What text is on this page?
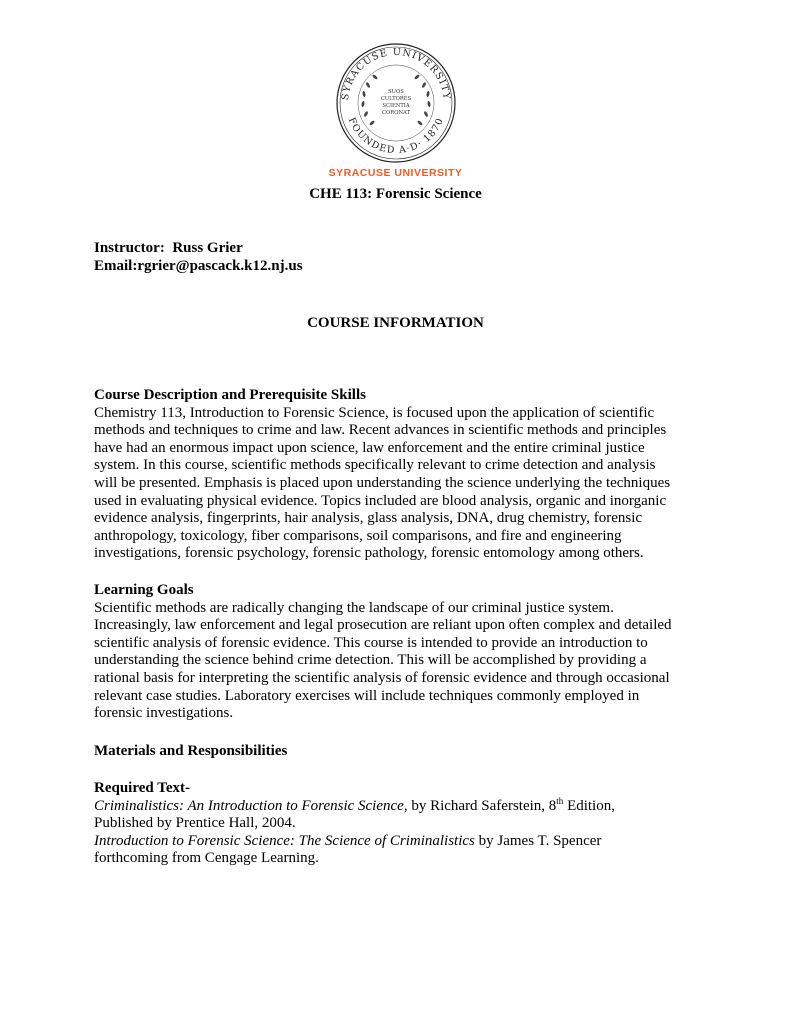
SYRACUSE UNIVERSITY
FOUNDED A·D· 1870
SUOS
CULTORES
SCIENTIA
CORONAT
SYRACUSE UNIVERSITY
CHE 113: Forensic Science
Instructor: Russ Grier
Email:rgrier@pascack.k12.nj.us
COURSE INFORMATION
Course Description and Prerequisite Skills
Chemistry 113, Introduction to Forensic Science, is focused upon the application of scientific
methods and techniques to crime and law. Recent advances in scientific methods and principles
have had an enormous impact upon science, law enforcement and the entire criminal justice
system. In this course, scientific methods specifically relevant to crime detection and analysis
will be presented. Emphasis is placed upon understanding the science underlying the techniques
used in evaluating physical evidence. Topics included are blood analysis, organic and inorganic
evidence analysis, fingerprints, hair analysis, glass analysis, DNA, drug chemistry, forensic
anthropology, toxicology, fiber comparisons, soil comparisons, and fire and engineering
investigations, forensic psychology, forensic pathology, forensic entomology among others.
Learning Goals
Scientific methods are radically changing the landscape of our criminal justice system.
Increasingly, law enforcement and legal prosecution are reliant upon often complex and detailed
scientific analysis of forensic evidence. This course is intended to provide an introduction to
understanding the science behind crime detection. This will be accomplished by providing a
rational basis for interpreting the scientific analysis of forensic evidence and through occasional
relevant case studies. Laboratory exercises will include techniques commonly employed in
forensic investigations.
Materials and Responsibilities
Required Text-
Criminalistics: An Introduction to Forensic Science, by Richard Saferstein, 8th Edition,
Published by Prentice Hall, 2004.
Introduction to Forensic Science: The Science of Criminalistics by James T. Spencer
forthcoming from Cengage Learning.
